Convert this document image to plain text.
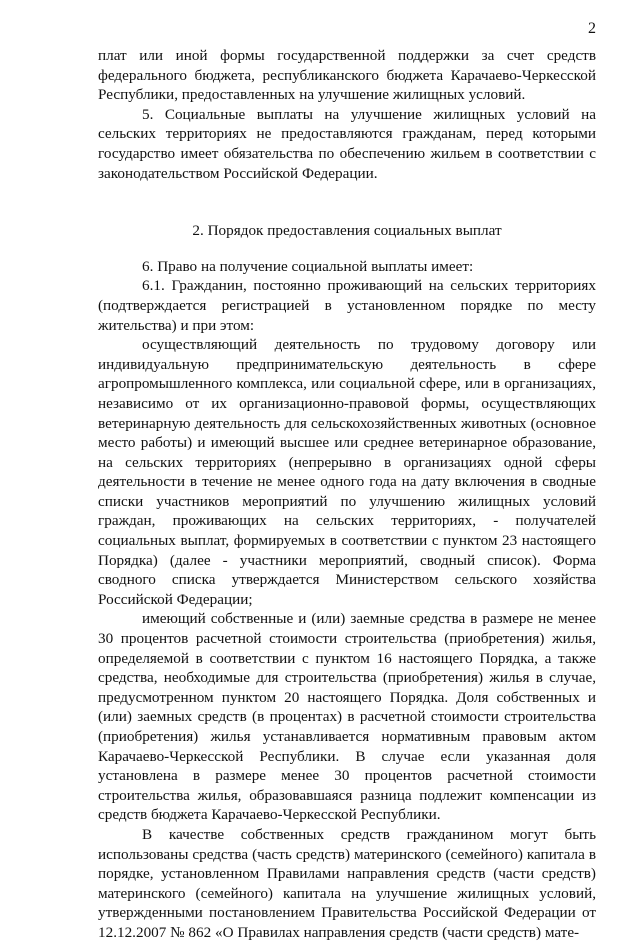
2

плат или иной формы государственной поддержки за счет средств федерального бюджета, республиканского бюджета Карачаево-Черкесской Республики, предоставленных на улучшение жилищных условий.

5. Социальные выплаты на улучшение жилищных условий на сельских территориях не предоставляются гражданам, перед которыми государство имеет обязательства по обеспечению жильем в соответствии с законодательством Российской Федерации.

2. Порядок предоставления социальных выплат

6. Право на получение социальной выплаты имеет:

6.1. Гражданин, постоянно проживающий на сельских территориях (подтверждается регистрацией в установленном порядке по месту жительства) и при этом:

осуществляющий деятельность по трудовому договору или индивидуальную предпринимательскую деятельность в сфере агропромышленного комплекса, или социальной сфере, или в организациях, независимо от их организационно-правовой формы, осуществляющих ветеринарную деятельность для сельскохозяйственных животных (основное место работы) и имеющий высшее или среднее ветеринарное образование, на сельских территориях (непрерывно в организациях одной сферы деятельности в течение не менее одного года на дату включения в сводные списки участников мероприятий по улучшению жилищных условий граждан, проживающих на сельских территориях, - получателей социальных выплат, формируемых в соответствии с пунктом 23 настоящего Порядка) (далее - участники мероприятий, сводный список). Форма сводного списка утверждается Министерством сельского хозяйства Российской Федерации;

имеющий собственные и (или) заемные средства в размере не менее 30 процентов расчетной стоимости строительства (приобретения) жилья, определяемой в соответствии с пунктом 16 настоящего Порядка, а также средства, необходимые для строительства (приобретения) жилья в случае, предусмотренном пунктом 20 настоящего Порядка. Доля собственных и (или) заемных средств (в процентах) в расчетной стоимости строительства (приобретения) жилья устанавливается нормативным правовым актом Карачаево-Черкесской Республики. В случае если указанная доля установлена в размере менее 30 процентов расчетной стоимости строительства жилья, образовавшаяся разница подлежит компенсации из средств бюджета Карачаево-Черкесской Республики.

В качестве собственных средств гражданином могут быть использованы средства (часть средств) материнского (семейного) капитала в порядке, установленном Правилами направления средств (части средств) материнского (семейного) капитала на улучшение жилищных условий, утвержденными постановлением Правительства Российской Федерации от 12.12.2007 № 862 «О Правилах направления средств (части средств) мате-
